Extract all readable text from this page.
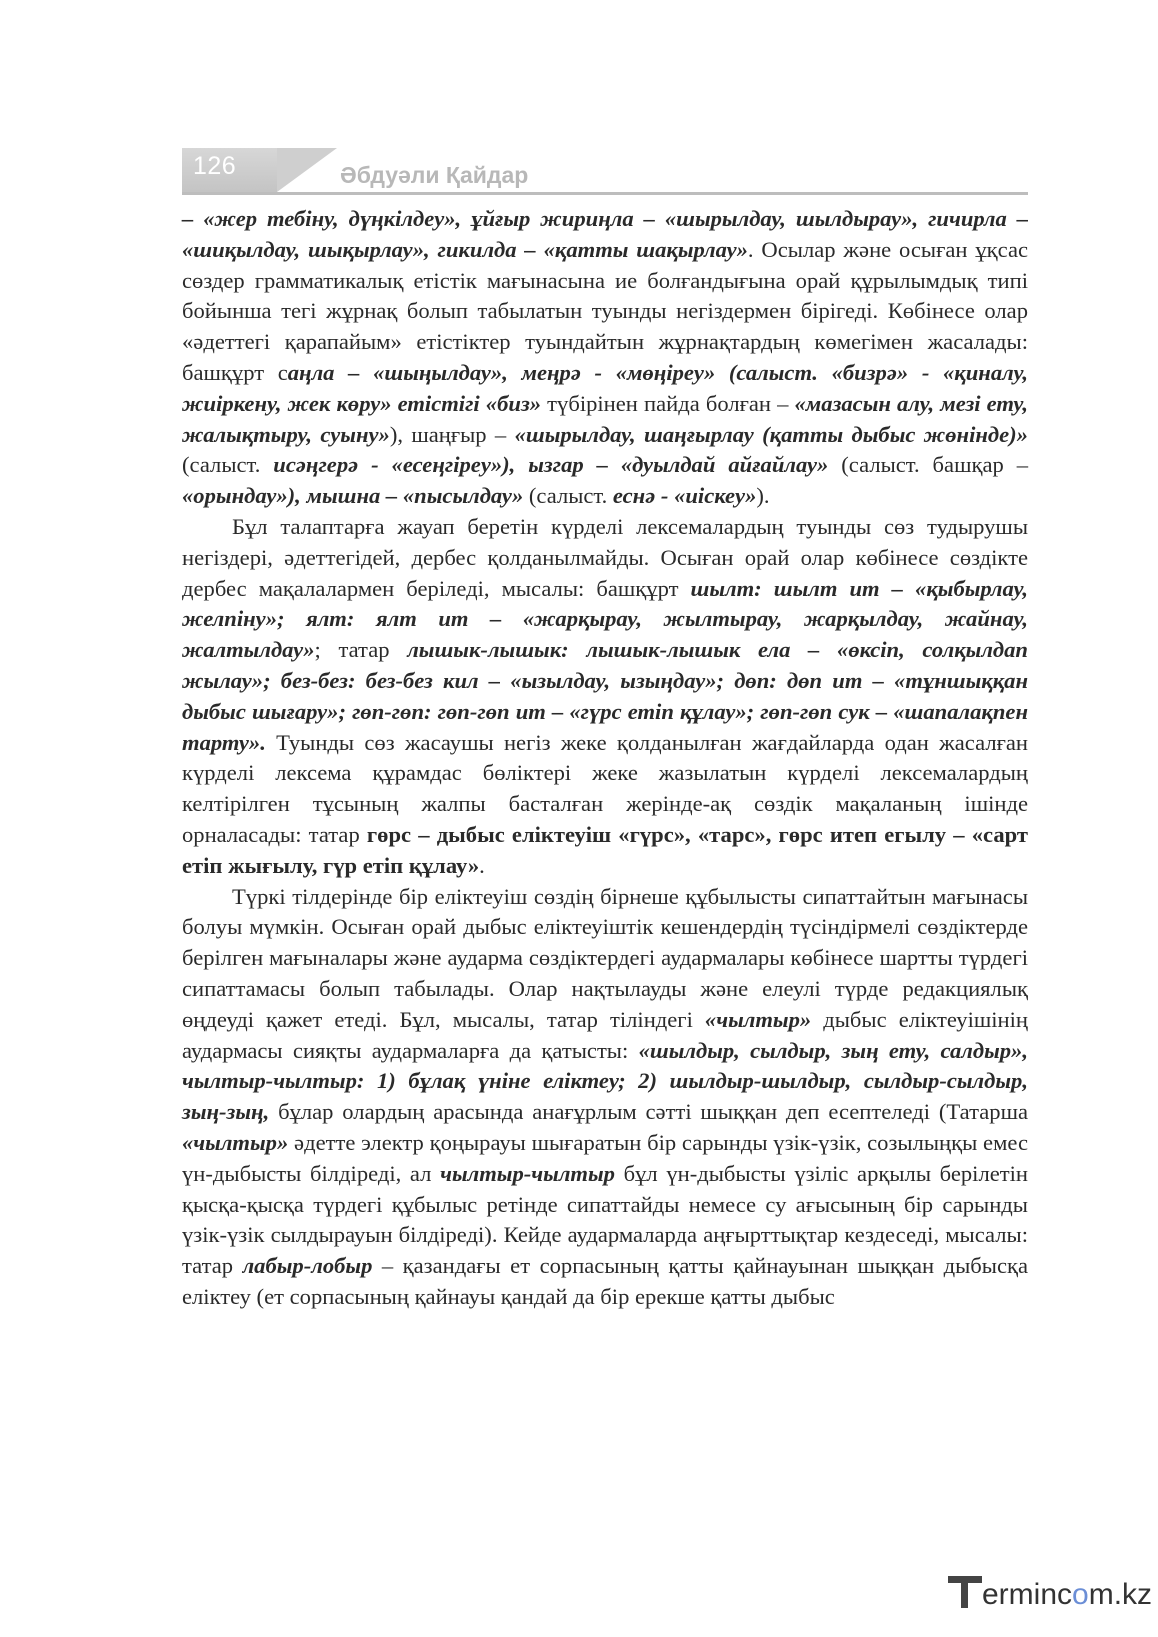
126	Әбдуәли Қайдар

– «жер тебіну, дүңкілдеу», ұйғыр жириңла – «шырылдау, шылдырау», гичирла – «шиқылдау, шықырлау», гикилда – «қатты шақырлау». Осылар және осыған ұқсас сөздер грамматикалық етістік мағынасына ие болғандығына орай құрылымдық типі бойынша тегі жұрнақ болып табылатын туынды негіздермен бірігеді. Көбінесе олар «әдеттегі қарапайым» етістіктер туындайтын жұрнақтардың көмегімен жасалады: башқұрт саңла – «шыңылдау», меңрә - «мөңіреу» (салыст. «бизрә» - «қиналу, жиіркену, жек көру» етістігі «биз» түбірінен пайда болған – «мазасын алу, мезі ету, жалықтыру, суыну»), шаңғыр – «шырылдау, шаңғырлау (қатты дыбыс жөнінде)» (салыст. исәңгерә - «есеңгіреу»), ызгар – «дуылдай айғайлау» (салыст. башқар – «орындау»), мышна – «пысылдау» (салыст. еснә - «иіскеу»).

Бұл талаптарға жауап беретін күрделі лексемалардың туынды сөз тудырушы негіздері, әдеттегідей, дербес қолданылмайды. Осыған орай олар көбінесе сөздікте дербес мақалалармен беріледі, мысалы: башқұрт шылт: шылт ит – «қыбырлау, желпіну»; ялт: ялт ит – «жарқырау, жылтырау, жарқылдау, жайнау, жалтылдау»; татар лышык-лышык: лышык-лышык ела – «өксіп, солқылдап жылау»; без-без: без-без кил – «ызылдау, ызыңдау»; дөп: дөп ит – «тұншыққан дыбыс шығару»; гөп-гөп: гөп-гөп ит – «гүрс етіп құлау»; гөп-гөп сук – «шапалақпен тарту». Туынды сөз жасаушы негіз жеке қолданылған жағдайларда одан жасалған күрделі лексема құрамдас бөліктері жеке жазылатын күрделі лексемалардың келтірілген тұсының жалпы басталған жерінде-ақ сөздік мақаланың ішінде орналасады: татар гөрс – дыбыс еліктеуіш «гүрс», «тарс», гөрс итеп егылу – «сарт етіп жығылу, гүр етіп құлау».

Түркі тілдерінде бір еліктеуіш сөздің бірнеше құбылысты сипаттайтын мағынасы болуы мүмкін. Осыған орай дыбыс еліктеуіштік кешендердің түсіндірмелі сөздіктерде берілген мағыналары және аударма сөздіктердегі аудармалары көбінесе шартты түрдегі сипаттамасы болып табылады. Олар нақтылауды және елеулі түрде редакциялық өңдеуді қажет етеді. Бұл, мысалы, татар тіліндегі «чылтыр» дыбыс еліктеуішінің аудармасы сияқты аудармаларға да қатысты: «шылдыр, сылдыр, зың ету, салдыр», чылтыр-чылтыр: 1) бұлақ үніне еліктеу; 2) шылдыр-шылдыр, сылдыр-сылдыр, зың-зың, бұлар олардың арасында анағұрлым сәтті шыққан деп есептеледі (Татарша «чылтыр» әдетте электр қоңырауы шығаратын бір сарынды үзік-үзік, созылыңқы емес үн-дыбысты білдіреді, ал чылтыр-чылтыр бұл үн-дыбысты үзіліс арқылы берілетін қысқа-қысқа түрдегі құбылыс ретінде сипаттайды немесе су ағысының бір сарынды үзік-үзік сылдырауын білдіреді). Кейде аудармаларда аңғырттықтар кездеседі, мысалы: татар лабыр-лобыр – қазандағы ет сорпасының қатты қайнауынан шыққан дыбысқа еліктеу (ет сорпасының қайнауы қандай да бір ерекше қатты дыбыс

ermincom.kz
